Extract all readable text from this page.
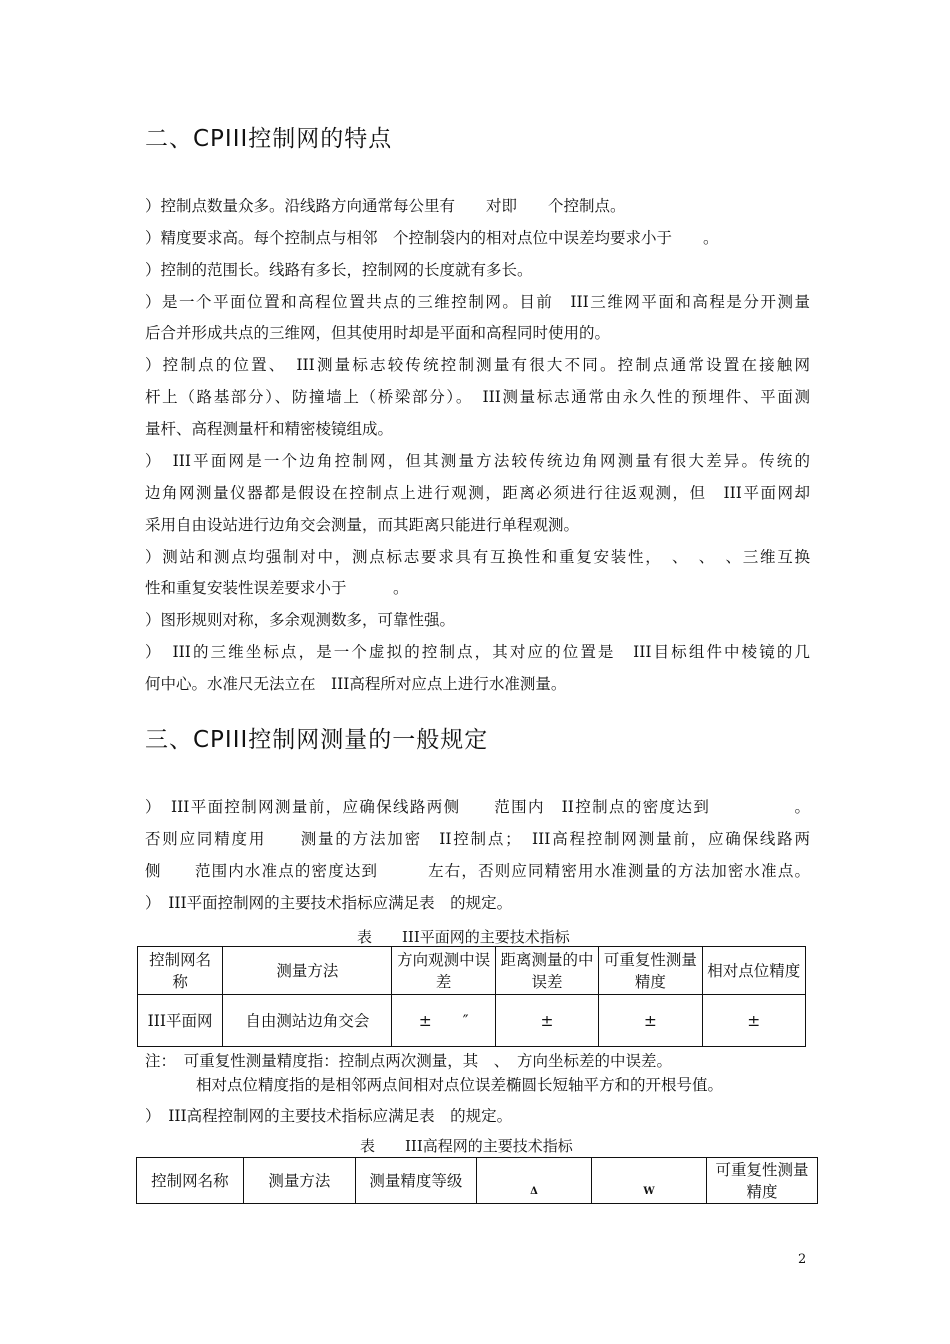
二、CPIII控制网的特点
）控制点数量众多。沿线路方向通常每公里有　　对即　　个控制点。
）精度要求高。每个控制点与相邻　个控制袋内的相对点位中误差均要求小于　　。
）控制的范围长。线路有多长，控制网的长度就有多长。
）是一个平面位置和高程位置共点的三维控制网。目前　III三维网平面和高程是分开测量
后合并形成共点的三维网，但其使用时却是平面和高程同时使用的。
）控制点的位置、　III测量标志较传统控制测量有很大不同。控制点通常设置在接触网
杆上（路基部分）、防撞墙上（桥梁部分）。　III测量标志通常由永久性的预埋件、平面测
量杆、高程测量杆和精密棱镜组成。
）　III平面网是一个边角控制网，但其测量方法较传统边角网测量有很大差异。传统的
边角网测量仪器都是假设在控制点上进行观测，距离必须进行往返观测，但　III平面网却
采用自由设站进行边角交会测量，而其距离只能进行单程观测。
）测站和测点均强制对中，测点标志要求具有互换性和重复安装性，　、　、　、三维互换
性和重复安装性误差要求小于　　　。
）图形规则对称，多余观测数多，可靠性强。
）　III的三维坐标点，是一个虚拟的控制点，其对应的位置是　III目标组件中棱镜的几
何中心。水准尺无法立在　III高程所对应点上进行水准测量。
三、CPIII控制网测量的一般规定
）　III平面控制网测量前，应确保线路两侧　　范围内　II控制点的密度达到　　　　　。
否则应同精度用　　测量的方法加密　II控制点；　III高程控制网测量前，应确保线路两
侧　　范围内水准点的密度达到　　　左右，否则应同精密用水准测量的方法加密水准点。
）　III平面控制网的主要技术指标应满足表　的规定。
表　　III平面网的主要技术指标
控制网名称	测量方法	方向观测中误差	距离测量的中误差	可重复性测量精度	相对点位精度
III平面网	自由测站边角交会	±　　″	±	±	±
注：　可重复性测量精度指：控制点两次测量，其　、　方向坐标差的中误差。
相对点位精度指的是相邻两点间相对点位误差椭圆长短轴平方和的开根号值。
）　III高程控制网的主要技术指标应满足表　的规定。
表　　III高程网的主要技术指标
控制网名称	测量方法	测量精度等级	Δ	W	可重复性测量精度
2
